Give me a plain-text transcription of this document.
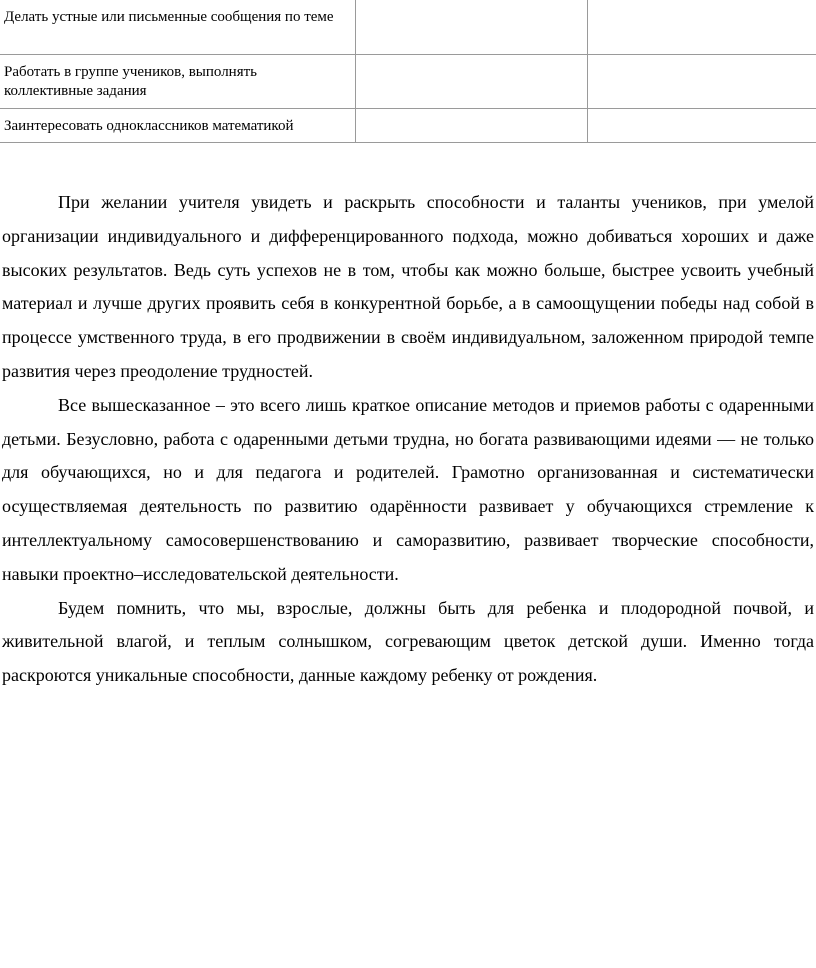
Делать устные или письменные сообщения по теме		
Работать в группе учеников, выполнять коллективные задания		
Заинтересовать одноклассников математикой		

При желании учителя увидеть и раскрыть способности и таланты учеников, при умелой организации индивидуального и дифференцированного подхода, можно добиваться хороших и даже высоких результатов. Ведь суть успехов не в том, чтобы как можно больше, быстрее усвоить учебный материал и лучше других проявить себя в конкурентной борьбе, а в самоощущении победы над собой в процессе умственного труда, в его продвижении в своём индивидуальном, заложенном природой темпе развития через преодоление трудностей.

Все вышесказанное – это всего лишь краткое описание методов и приемов работы с одаренными детьми. Безусловно, работа с одаренными детьми трудна, но богата развивающими идеями — не только для обучающихся, но и для педагога и родителей. Грамотно организованная и систематически осуществляемая деятельность по развитию одарённости развивает у обучающихся стремление к интеллектуальному самосовершенствованию и саморазвитию, развивает творческие способности, навыки проектно–исследовательской деятельности.

Будем помнить, что мы, взрослые, должны быть для ребенка и плодородной почвой, и живительной влагой, и теплым солнышком, согревающим цветок детской души. Именно тогда раскроются уникальные способности, данные каждому ребенку от рождения.
